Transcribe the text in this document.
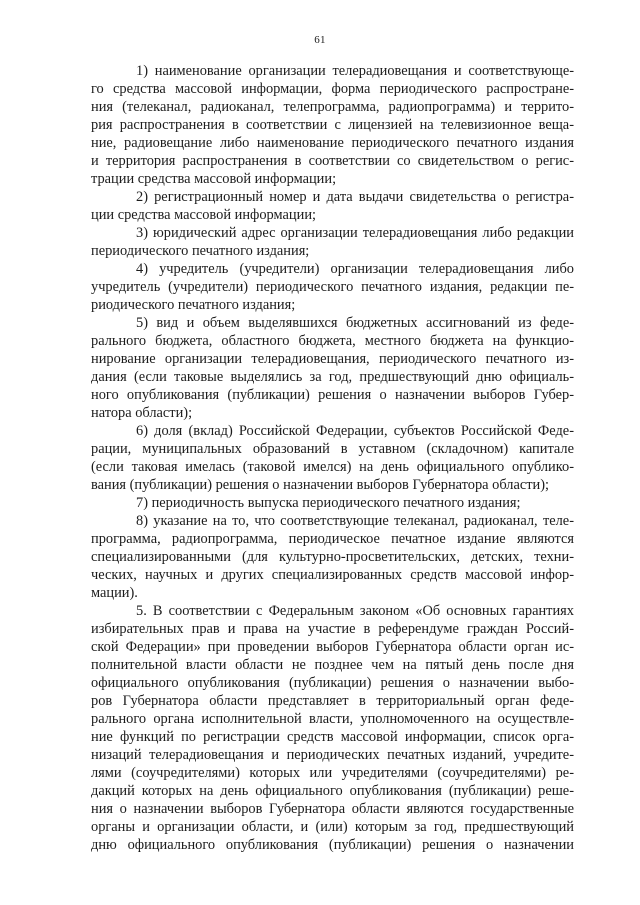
61
1) наименование организации телерадиовещания и соответствующе-
го средства массовой информации, форма периодического распростране-
ния (телеканал, радиоканал, телепрограмма, радиопрограмма) и террито-
рия распространения в соответствии с лицензией на телевизионное веща-
ние, радиовещание либо наименование периодического печатного издания
и территория распространения в соответствии со свидетельством о регис-
трации средства массовой информации;
2) регистрационный номер и дата выдачи свидетельства о регистра-
ции средства массовой информации;
3) юридический адрес организации телерадиовещания либо редакции
периодического печатного издания;
4) учредитель (учредители) организации телерадиовещания либо
учредитель (учредители) периодического печатного издания, редакции пе-
риодического печатного издания;
5) вид и объем выделявшихся бюджетных ассигнований из феде-
рального бюджета, областного бюджета, местного бюджета на функцио-
нирование организации телерадиовещания, периодического печатного из-
дания (если таковые выделялись за год, предшествующий дню официаль-
ного опубликования (публикации) решения о назначении выборов Губер-
натора области);
6) доля (вклад) Российской Федерации, субъектов Российской Феде-
рации, муниципальных образований в уставном (складочном) капитале
(если таковая имелась (таковой имелся) на день официального опублико-
вания (публикации) решения о назначении выборов Губернатора области);
7) периодичность выпуска периодического печатного издания;
8) указание на то, что соответствующие телеканал, радиоканал, теле-
программа, радиопрограмма, периодическое печатное издание являются
специализированными (для культурно-просветительских, детских, техни-
ческих, научных и других специализированных средств массовой инфор-
мации).
5. В соответствии с Федеральным законом «Об основных гарантиях
избирательных прав и права на участие в референдуме граждан Россий-
ской Федерации» при проведении выборов Губернатора области орган ис-
полнительной власти области не позднее чем на пятый день после дня
официального опубликования (публикации) решения о назначении выбо-
ров Губернатора области представляет в территориальный орган феде-
рального органа исполнительной власти, уполномоченного на осуществле-
ние функций по регистрации средств массовой информации, список орга-
низаций телерадиовещания и периодических печатных изданий, учредите-
лями (соучредителями) которых или учредителями (соучредителями) ре-
дакций которых на день официального опубликования (публикации) реше-
ния о назначении выборов Губернатора области являются государственные
органы и организации области, и (или) которым за год, предшествующий
дню официального опубликования (публикации) решения о назначении
